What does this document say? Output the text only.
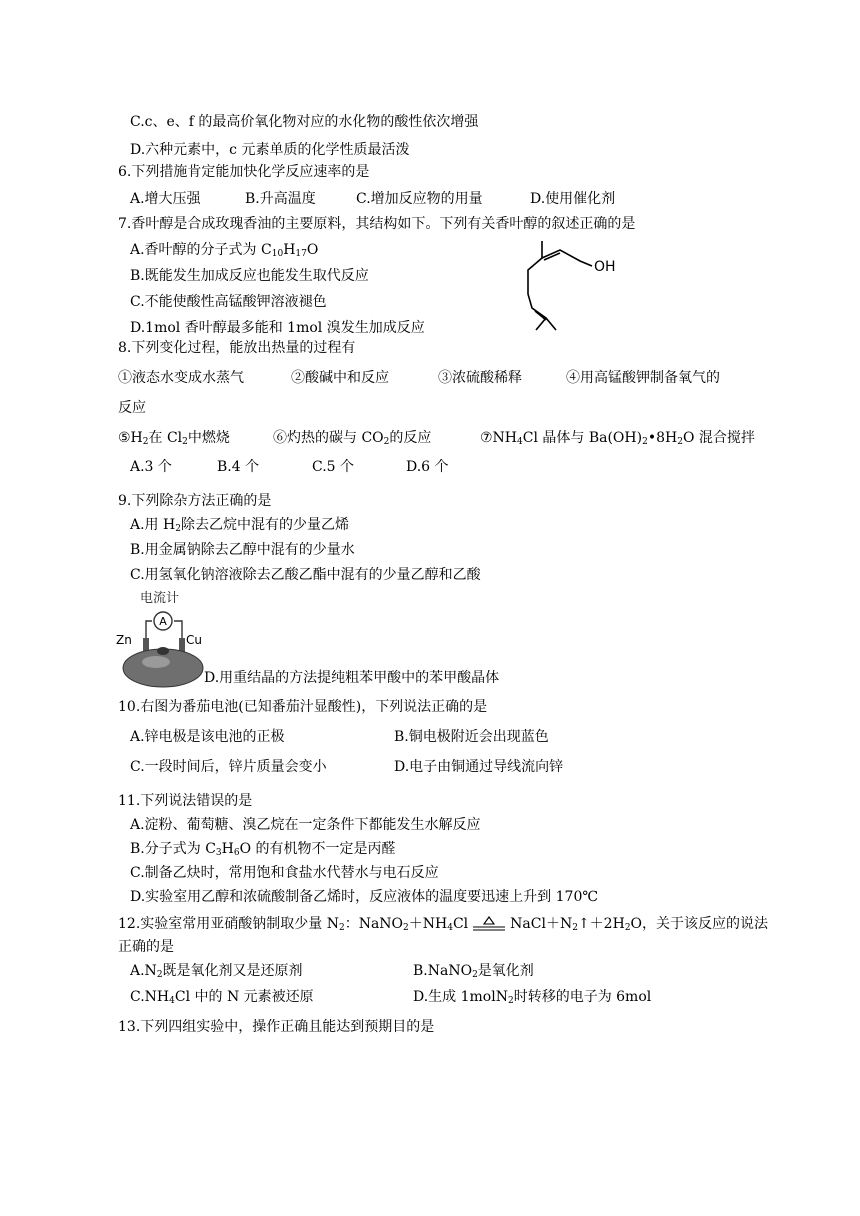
C.c、e、f 的最高价氧化物对应的水化物的酸性依次增强
D.六种元素中，c 元素单质的化学性质最活泼
6.下列措施肯定能加快化学反应速率的是
A.增大压强	B.升高温度	C.增加反应物的用量	D.使用催化剂
7.香叶醇是合成玫瑰香油的主要原料，其结构如下。下列有关香叶醇的叙述正确的是
A.香叶醇的分子式为 $C_{10}H_{17}O$
B.既能发生加成反应也能发生取代反应
C.不能使酸性高锰酸钾溶液褪色
D.1mol 香叶醇最多能和 1mol 溴发生加成反应
OH
8.下列变化过程，能放出热量的过程有
①液态水变成水蒸气	②酸碱中和反应	③浓硫酸稀释	④用高锰酸钾制备氧气的
反应
$⑤H_2$在 $Cl_2$中燃烧	⑥灼热的碳与 $CO_2$的反应	$⑦NH_4Cl$ 晶体与 $Ba(OH)_2•8H_2O$ 混合搅拌
A.3 个	B.4 个	C.5 个	D.6 个
9.下列除杂方法正确的是
A.用 $H_2$除去乙烷中混有的少量乙烯
B.用金属钠除去乙醇中混有的少量水
C.用氢氧化钠溶液除去乙酸乙酯中混有的少量乙醇和乙酸
电流计
A
Zn	Cu
D.用重结晶的方法提纯粗苯甲酸中的苯甲酸晶体
10.右图为番茄电池(已知番茄汁显酸性)，下列说法正确的是
A.锌电极是该电池的正极	B.铜电极附近会出现蓝色
C.一段时间后，锌片质量会变小	D.电子由铜通过导线流向锌
11.下列说法错误的是
A.淀粉、葡萄糖、溴乙烷在一定条件下都能发生水解反应
B.分子式为 $C_3H_6O$ 的有机物不一定是丙醛
C.制备乙炔时，常用饱和食盐水代替水与电石反应
D.实验室用乙醇和浓硫酸制备乙烯时，反应液体的温度要迅速上升到 170℃
12.实验室常用亚硝酸钠制取少量 $N_2$：$NaNO_2+NH_4Cl$	$NaCl+N_2↑+2H_2O$，关于该反应的说法
正确的是
$A.N_2$既是氧化剂又是还原剂	B.NaNO$_2$是氧化剂
$C.NH_4Cl$ 中的 N 元素被还原	D.生成 1molN$_2$时转移的电子为 6mol
13.下列四组实验中，操作正确且能达到预期目的是
